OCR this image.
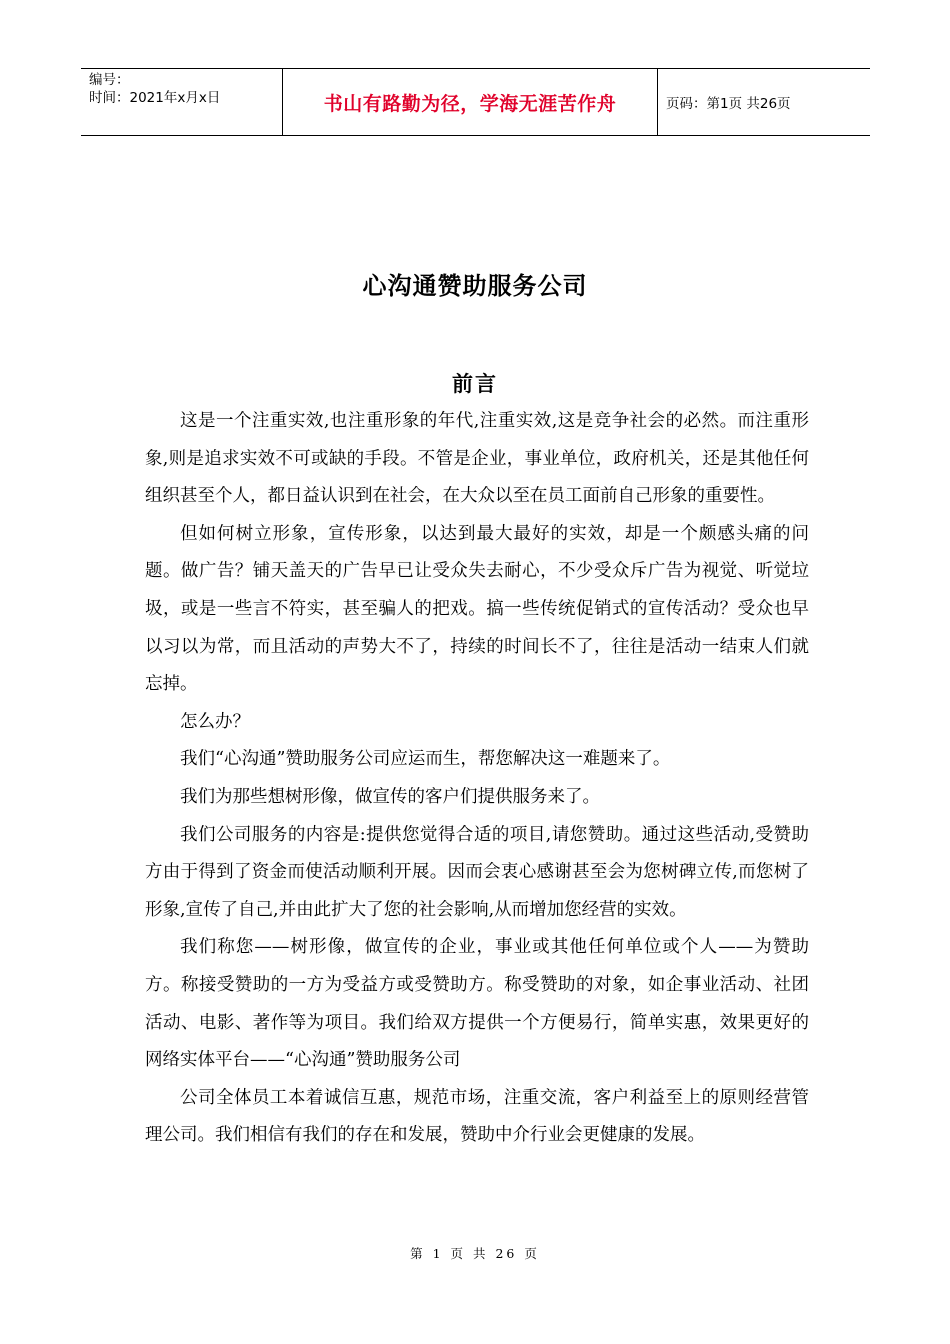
编号：
时间：2021年x月x日	书山有路勤为径，学海无涯苦作舟	页码：第1页 共26页
心沟通赞助服务公司
前言

这是一个注重实效,也注重形象的年代,注重实效,这是竞争社会的必然。而注重形象,则是追求实效不可或缺的手段。不管是企业，事业单位，政府机关，还是其他任何组织甚至个人，都日益认识到在社会，在大众以至在员工面前自己形象的重要性。

但如何树立形象，宣传形象，以达到最大最好的实效，却是一个颇感头痛的问题。做广告？铺天盖天的广告早已让受众失去耐心，不少受众斥广告为视觉、听觉垃圾，或是一些言不符实，甚至骗人的把戏。搞一些传统促销式的宣传活动？受众也早以习以为常，而且活动的声势大不了，持续的时间长不了，往往是活动一结束人们就忘掉。

怎么办？

我们“心沟通”赞助服务公司应运而生，帮您解决这一难题来了。

我们为那些想树形像，做宣传的客户们提供服务来了。

我们公司服务的内容是:提供您觉得合适的项目,请您赞助。通过这些活动,受赞助方由于得到了资金而使活动顺利开展。因而会衷心感谢甚至会为您树碑立传,而您树了形象,宣传了自己,并由此扩大了您的社会影响,从而增加您经营的实效。

我们称您——树形像，做宣传的企业，事业或其他任何单位或个人——为赞助方。称接受赞助的一方为受益方或受赞助方。称受赞助的对象，如企事业活动、社团活动、电影、著作等为项目。我们给双方提供一个方便易行，简单实惠，效果更好的网络实体平台——“心沟通”赞助服务公司

公司全体员工本着诚信互惠，规范市场，注重交流，客户利益至上的原则经营管理公司。我们相信有我们的存在和发展，赞助中介行业会更健康的发展。

第 1 页 共 26 页
